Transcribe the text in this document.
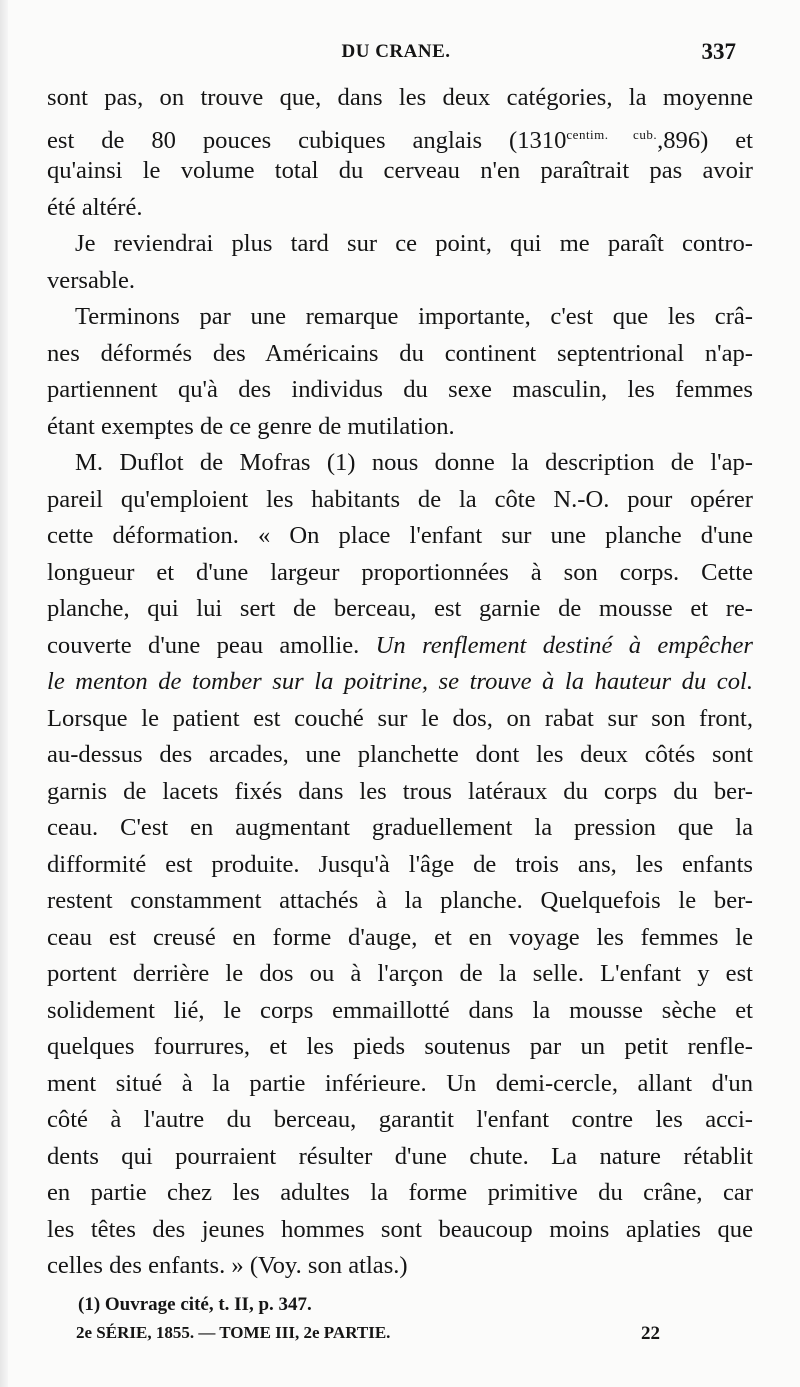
DU CRANE.	337
sont pas, on trouve que, dans les deux catégories, la moyenne
est de 80 pouces cubiques anglais $(1310^{centim. cub.},896)$ et
qu'ainsi le volume total du cerveau n'en paraîtrait pas avoir
été altéré.
Je reviendrai plus tard sur ce point, qui me paraît contro-
versable.
Terminons par une remarque importante, c'est que les crâ-
nes déformés des Américains du continent septentrional n'ap-
partiennent qu'à des individus du sexe masculin, les femmes
étant exemptes de ce genre de mutilation.
M. Duflot de Mofras (1) nous donne la description de l'ap-
pareil qu'emploient les habitants de la côte N.-O. pour opérer
cette déformation. « On place l'enfant sur une planche d'une
longueur et d'une largeur proportionnées à son corps. Cette
planche, qui lui sert de berceau, est garnie de mousse et re-
couverte d'une peau amollie. Un renflement destiné à empêcher
le menton de tomber sur la poitrine, se trouve à la hauteur du col.
Lorsque le patient est couché sur le dos, on rabat sur son front,
au-dessus des arcades, une planchette dont les deux côtés sont
garnis de lacets fixés dans les trous latéraux du corps du ber-
ceau. C'est en augmentant graduellement la pression que la
difformité est produite. Jusqu'à l'âge de trois ans, les enfants
restent constamment attachés à la planche. Quelquefois le ber-
ceau est creusé en forme d'auge, et en voyage les femmes le
portent derrière le dos ou à l'arçon de la selle. L'enfant y est
solidement lié, le corps emmaillotté dans la mousse sèche et
quelques fourrures, et les pieds soutenus par un petit renfle-
ment situé à la partie inférieure. Un demi-cercle, allant d'un
côté à l'autre du berceau, garantit l'enfant contre les acci-
dents qui pourraient résulter d'une chute. La nature rétablit
en partie chez les adultes la forme primitive du crâne, car
les têtes des jeunes hommes sont beaucoup moins aplaties que
celles des enfants. » (Voy. son atlas.)
(1) Ouvrage cité, t. II, p. 347.
2e SÉRIE, 1855. — TOME III, 2e PARTIE.	22
